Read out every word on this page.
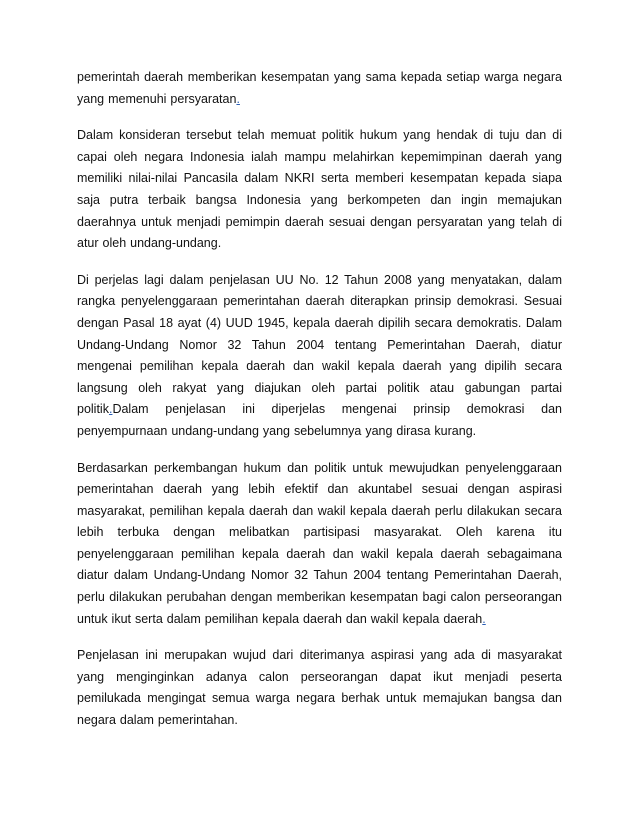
pemerintah daerah memberikan kesempatan yang sama kepada setiap warga negara yang memenuhi persyaratan.

Dalam konsideran tersebut telah memuat politik hukum yang hendak di tuju dan di capai oleh negara Indonesia ialah mampu melahirkan kepemimpinan daerah yang memiliki nilai-nilai Pancasila dalam NKRI serta memberi kesempatan kepada siapa saja putra terbaik bangsa Indonesia yang berkompeten dan ingin memajukan daerahnya untuk menjadi pemimpin daerah sesuai dengan persyaratan yang telah di atur oleh undang-undang.

Di perjelas lagi dalam penjelasan UU No. 12 Tahun 2008 yang menyatakan, dalam rangka penyelenggaraan pemerintahan daerah diterapkan prinsip demokrasi. Sesuai dengan Pasal 18 ayat (4) UUD 1945, kepala daerah dipilih secara demokratis. Dalam Undang-Undang Nomor 32 Tahun 2004 tentang Pemerintahan Daerah, diatur mengenai pemilihan kepala daerah dan wakil kepala daerah yang dipilih secara langsung oleh rakyat yang diajukan oleh partai politik atau gabungan partai politik.Dalam penjelasan ini diperjelas mengenai prinsip demokrasi dan penyempurnaan undang-undang yang sebelumnya yang dirasa kurang.

Berdasarkan perkembangan hukum dan politik untuk mewujudkan penyelenggaraan pemerintahan daerah yang lebih efektif dan akuntabel sesuai dengan aspirasi masyarakat, pemilihan kepala daerah dan wakil kepala daerah perlu dilakukan secara lebih terbuka dengan melibatkan partisipasi masyarakat. Oleh karena itu penyelenggaraan pemilihan kepala daerah dan wakil kepala daerah sebagaimana diatur dalam Undang-Undang Nomor 32 Tahun 2004 tentang Pemerintahan Daerah, perlu dilakukan perubahan dengan memberikan kesempatan bagi calon perseorangan untuk ikut serta dalam pemilihan kepala daerah dan wakil kepala daerah.

Penjelasan ini merupakan wujud dari diterimanya aspirasi yang ada di masyarakat yang menginginkan adanya calon perseorangan dapat ikut menjadi peserta pemilukada mengingat semua warga negara berhak untuk memajukan bangsa dan negara dalam pemerintahan.
